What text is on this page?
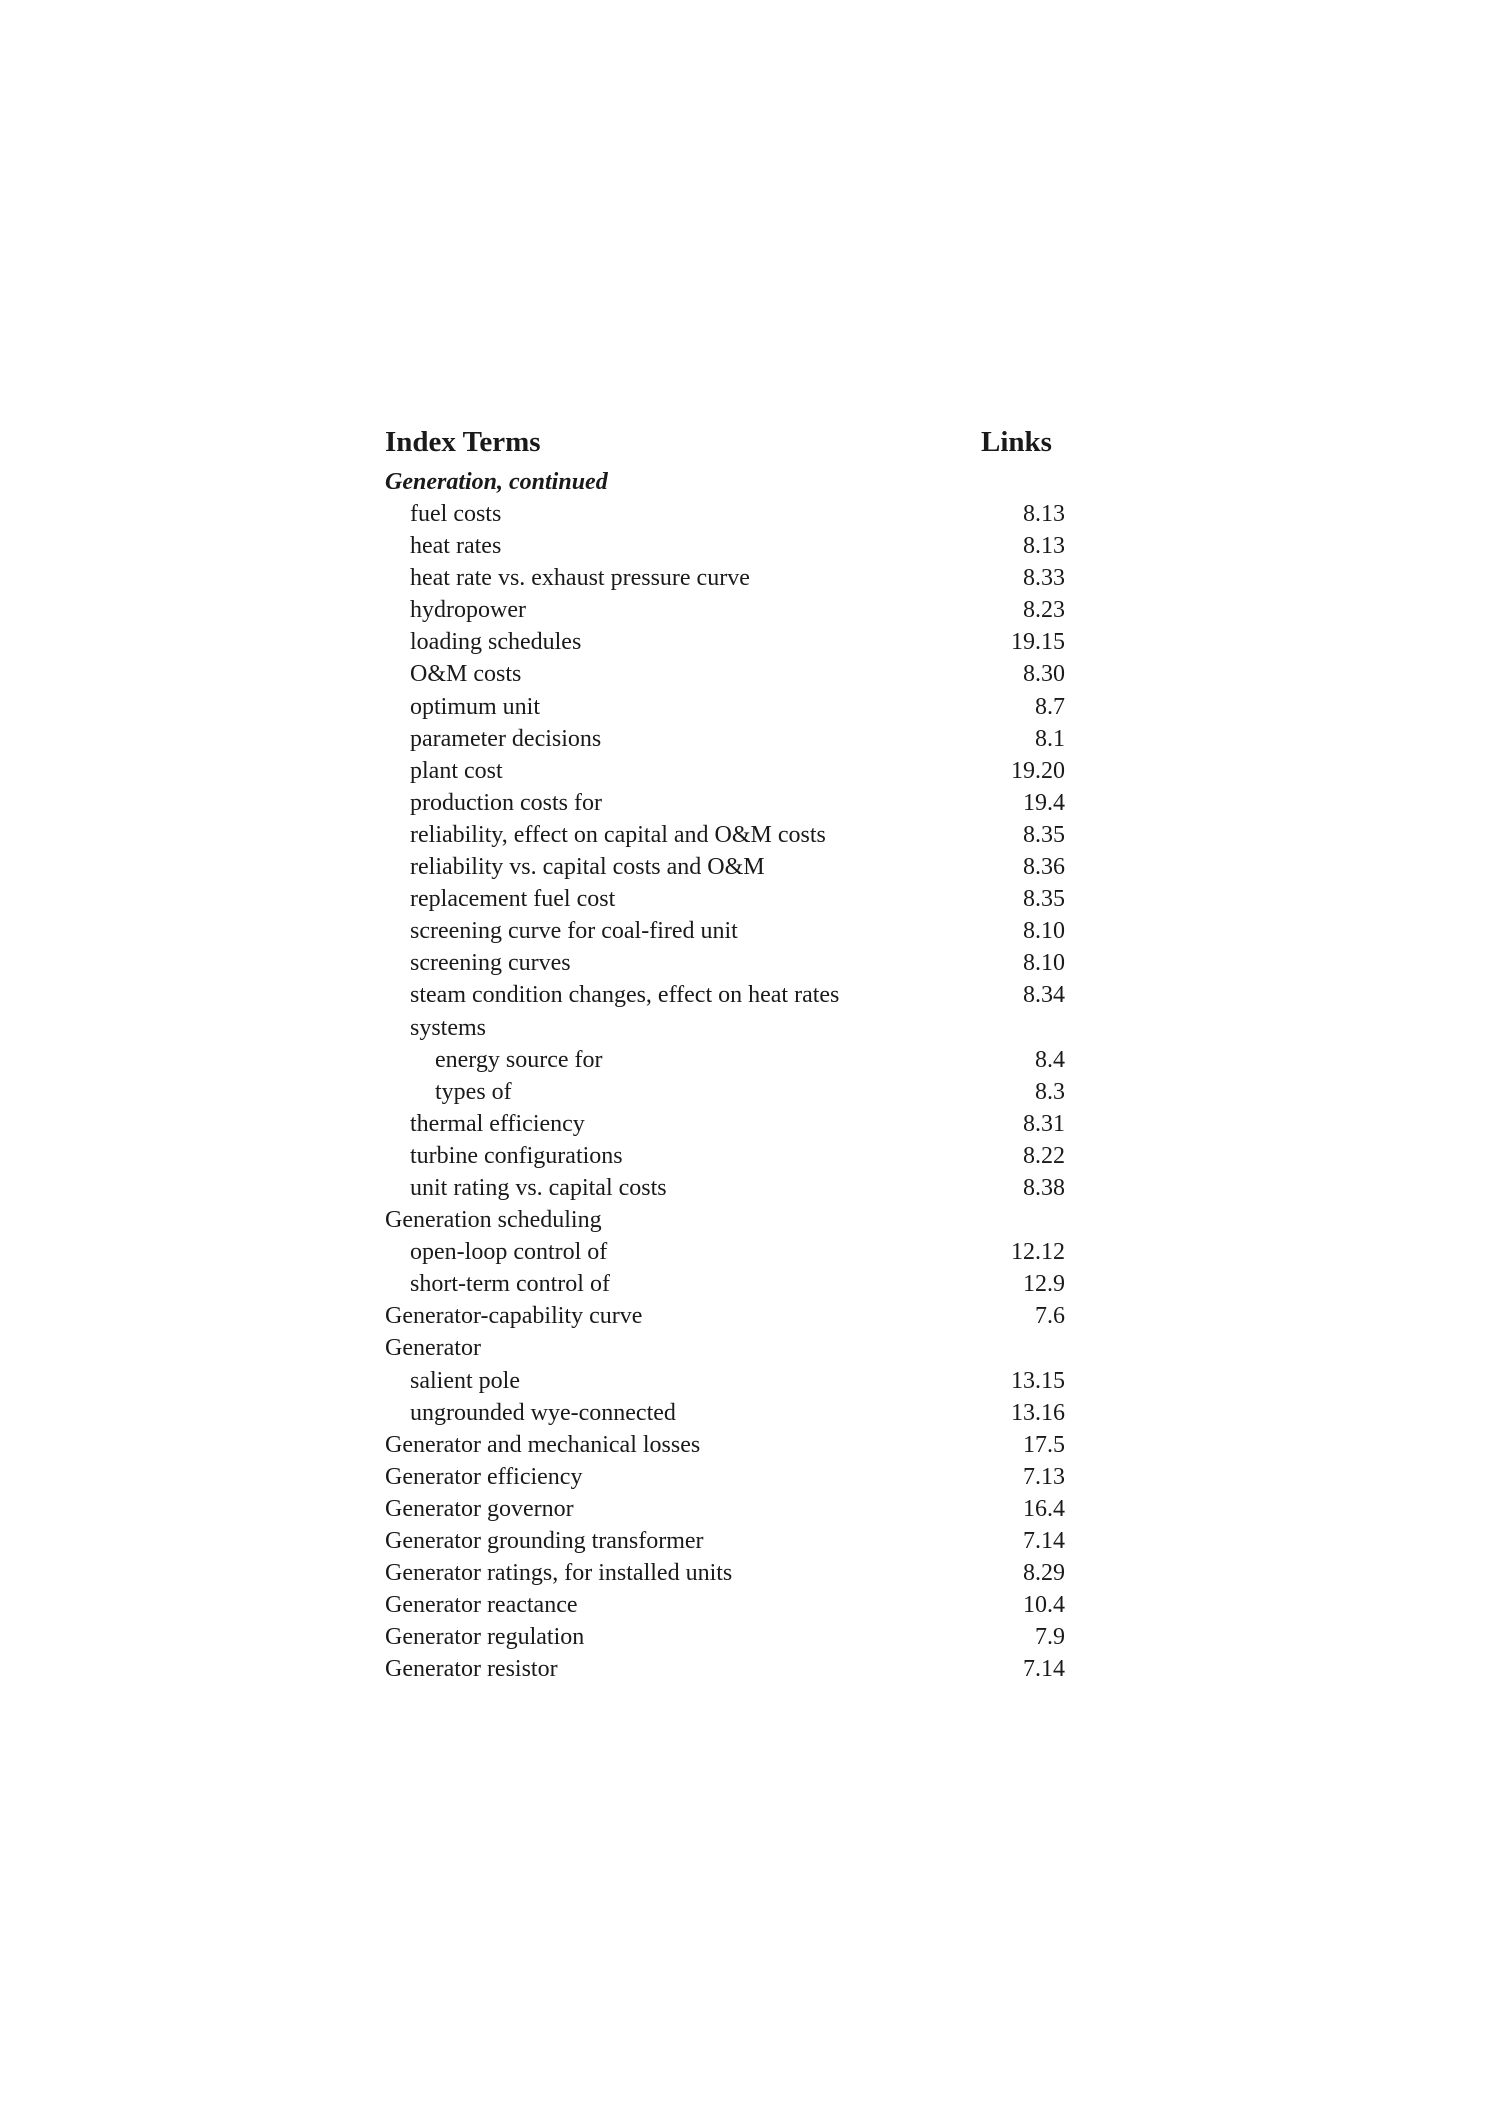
Index Terms	Links
Generation, continued
fuel costs	8.13
heat rates	8.13
heat rate vs. exhaust pressure curve	8.33
hydropower	8.23
loading schedules	19.15
O&M costs	8.30
optimum unit	8.7
parameter decisions	8.1
plant cost	19.20
production costs for	19.4
reliability, effect on capital and O&M costs	8.35
reliability vs. capital costs and O&M	8.36
replacement fuel cost	8.35
screening curve for coal-fired unit	8.10
screening curves	8.10
steam condition changes, effect on heat rates	8.34
systems
energy source for	8.4
types of	8.3
thermal efficiency	8.31
turbine configurations	8.22
unit rating vs. capital costs	8.38
Generation scheduling
open-loop control of	12.12
short-term control of	12.9
Generator-capability curve	7.6
Generator
salient pole	13.15
ungrounded wye-connected	13.16
Generator and mechanical losses	17.5
Generator efficiency	7.13
Generator governor	16.4
Generator grounding transformer	7.14
Generator ratings, for installed units	8.29
Generator reactance	10.4
Generator regulation	7.9
Generator resistor	7.14
